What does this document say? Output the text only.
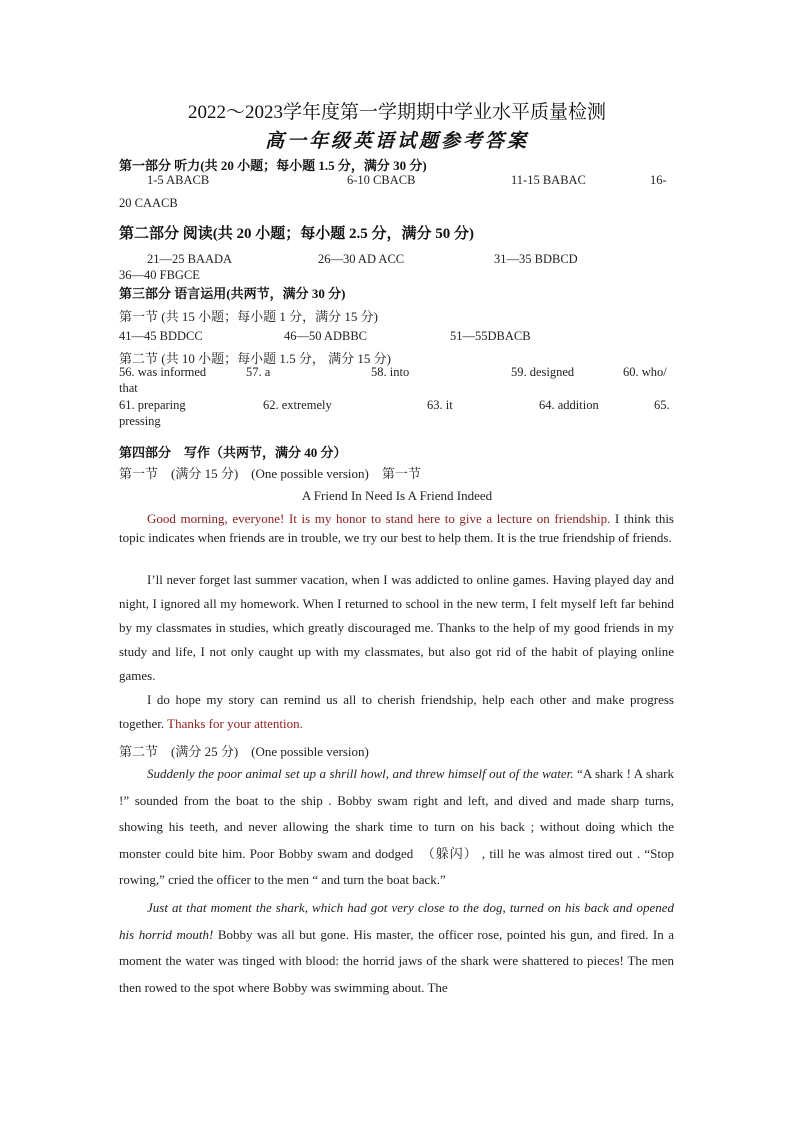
2022～2023学年度第一学期期中学业水平质量检测
高一年级英语试题参考答案
第一部分 听力(共 20 小题；每小题 1.5 分，满分 30 分)
1-5 ABACB	6-10 CBACB	11-15 BABAC	16-
20 CAACB
第二部分 阅读(共 20 小题；每小题 2.5 分，满分 50 分)
21—25 BAADA	26—30 AD ACC	31—35 BDBCD
36—40 FBGCE
第三部分 语言运用(共两节，满分 30 分)
第一节 (共 15 小题；每小题 1 分，满分 15 分)
41—45 BDDCC	46—50 ADBBC	51—55DBACB
第二节 (共 10 小题；每小题 1.5 分， 满分 15 分)
56. was informed	57. a	58. into	59. designed	60. who/
that
61. preparing	62. extremely	63. it	64. addition	65.
pressing
第四部分　写作（共两节，满分 40 分）
第一节　(满分 15 分)　(One possible version)　第一节
A Friend In Need Is A Friend Indeed
Good morning, everyone! It is my honor to stand here to give a lecture on friendship. I think this topic indicates when friends are in trouble, we try our best to help them. It is the true friendship of friends.
I’ll never forget last summer vacation, when I was addicted to online games. Having played day and night, I ignored all my homework. When I returned to school in the new term, I felt myself left far behind by my classmates in studies, which greatly discouraged me. Thanks to the help of my good friends in my study and life, I not only caught up with my classmates, but also got rid of the habit of playing online games.
I do hope my story can remind us all to cherish friendship, help each other and make progress together. Thanks for your attention.
第二节　(满分 25 分)　(One possible version)
Suddenly the poor animal set up a shrill howl, and threw himself out of the water. “A shark ! A shark !” sounded from the boat to the ship . Bobby swam right and left, and dived and made sharp turns, showing his teeth, and never allowing the shark time to turn on his back ; without doing which the monster could bite him. Poor Bobby swam and dodged　（躲闪） , till he was almost tired out . “Stop rowing,” cried the officer to the men “ and turn the boat back.”
Just at that moment the shark, which had got very close to the dog, turned on his back and opened his horrid mouth! Bobby was all but gone. His master, the officer rose, pointed his gun, and fired. In a moment the water was tinged with blood: the horrid jaws of the shark were shattered to pieces! The men then rowed to the spot where Bobby was swimming about. The
